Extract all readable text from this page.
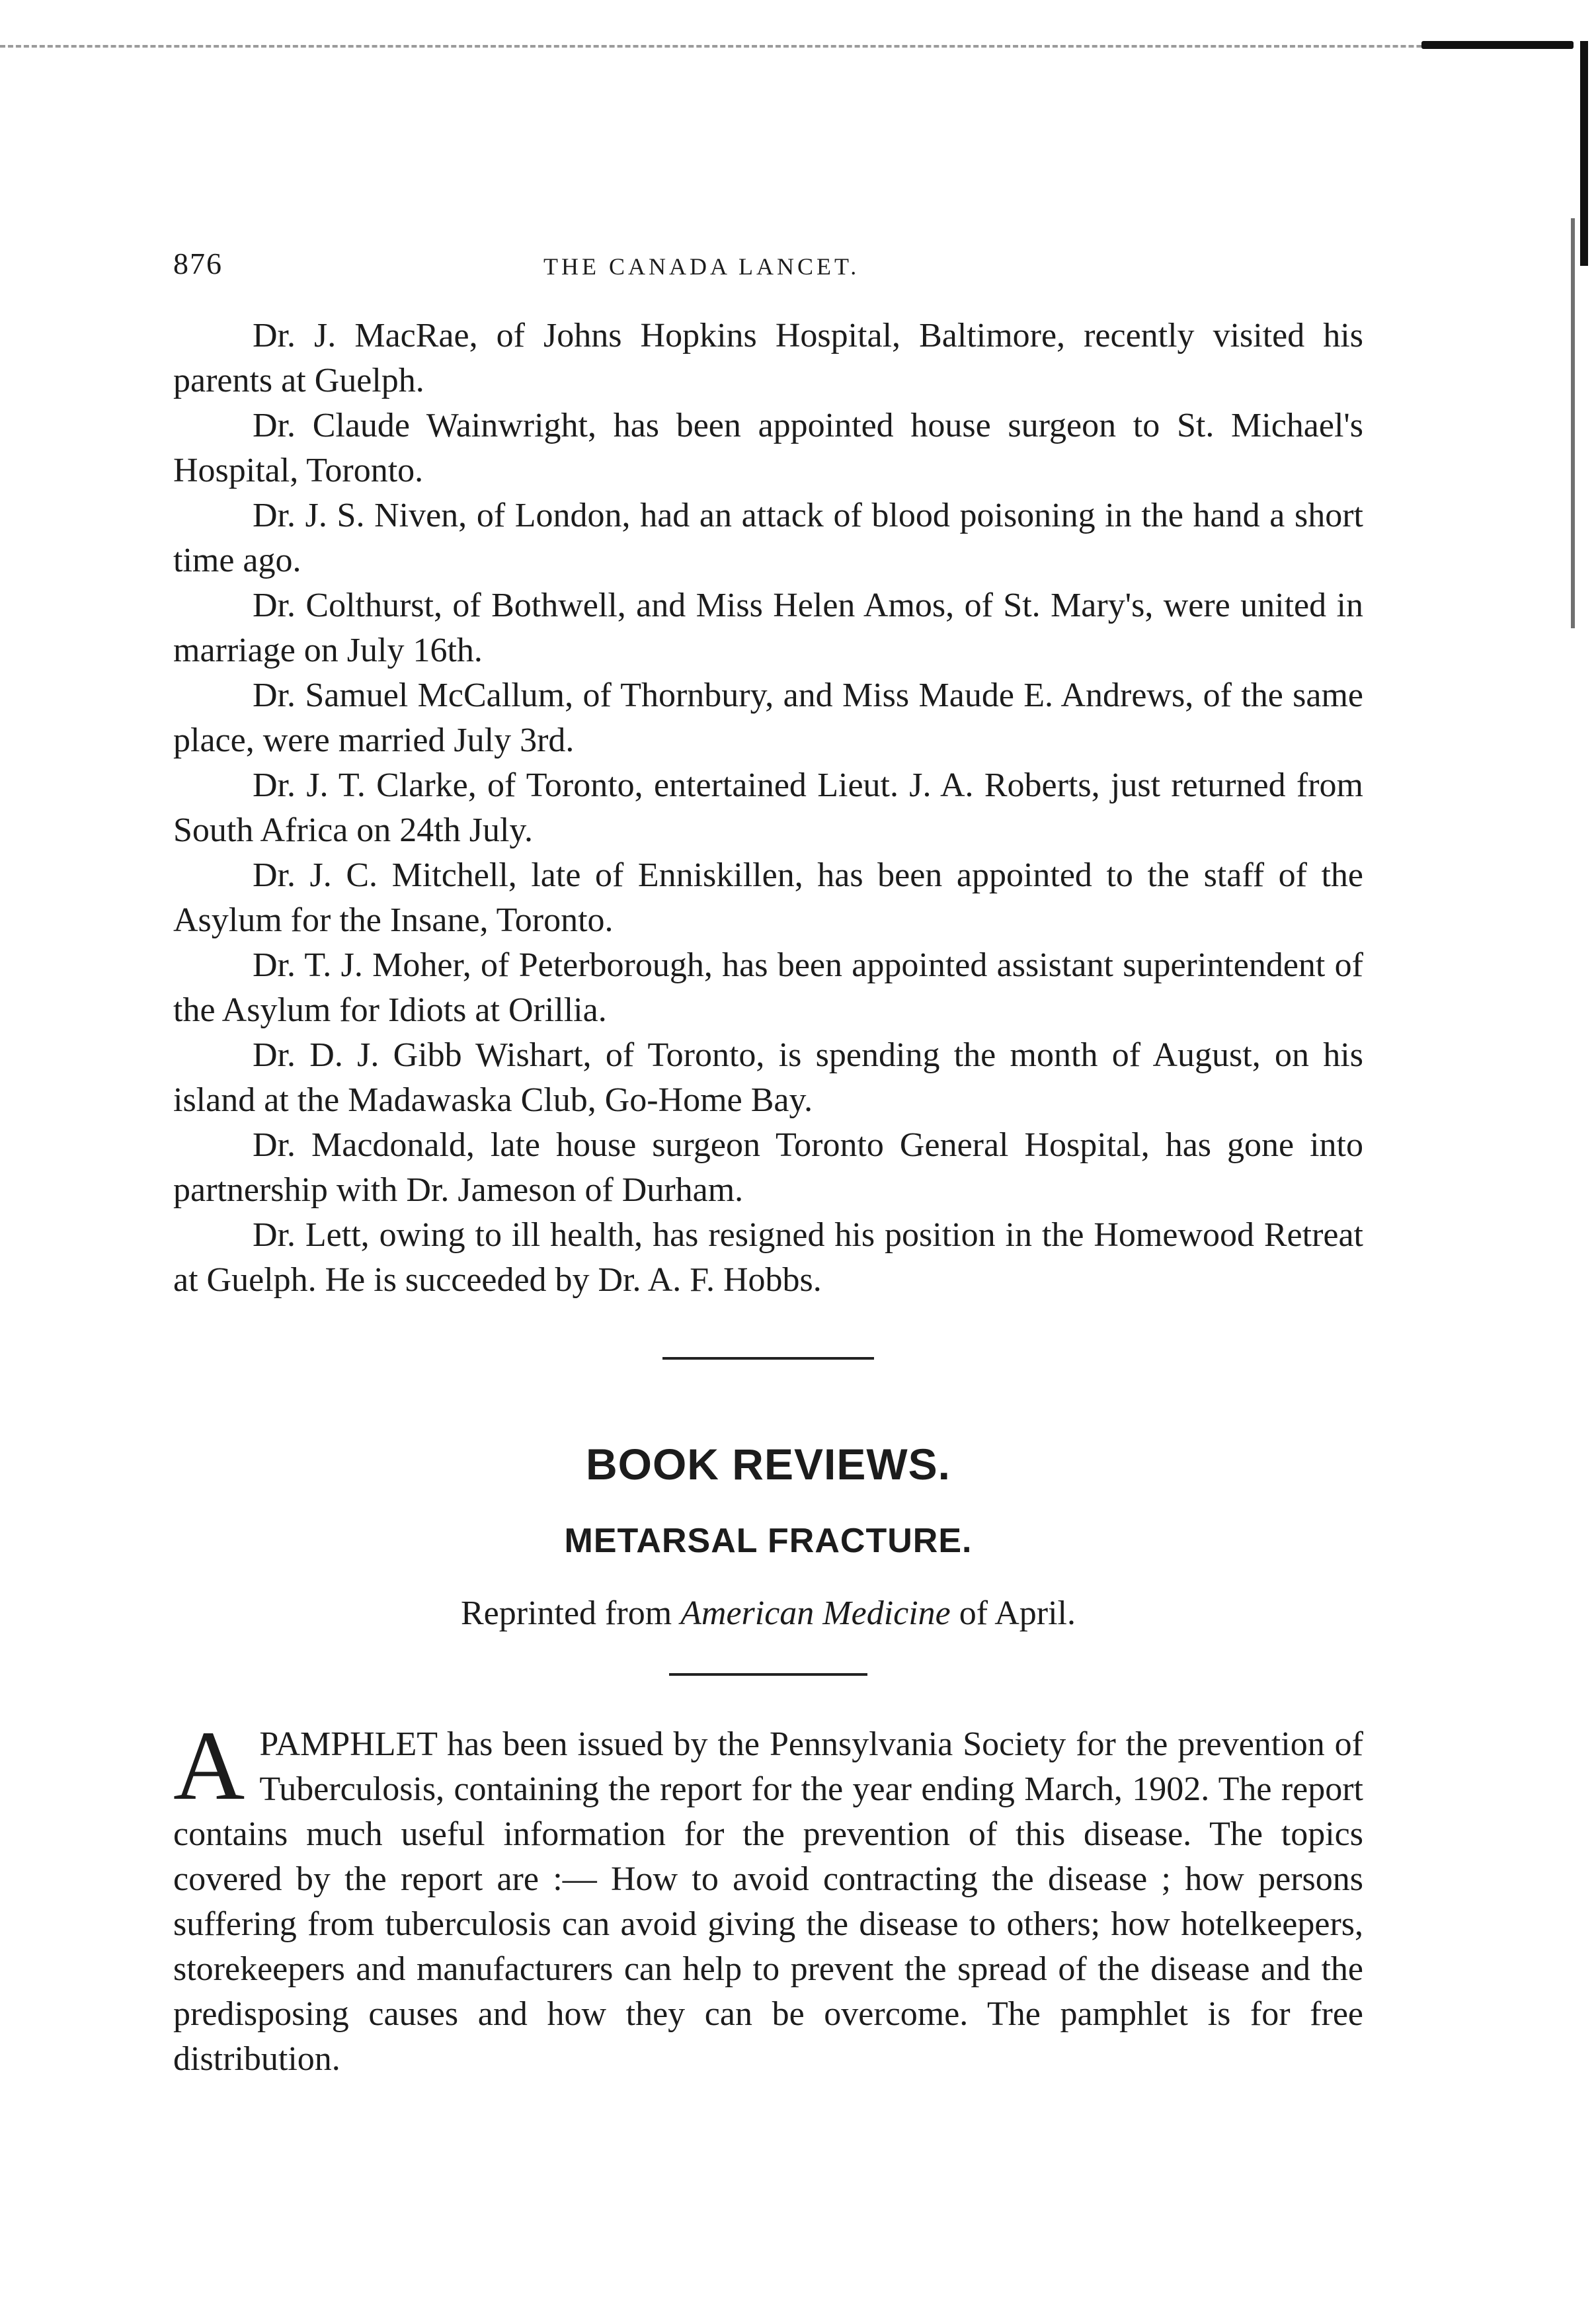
876	THE CANADA LANCET.

Dr. J. MacRae, of Johns Hopkins Hospital, Baltimore, recently visited his parents at Guelph.

Dr. Claude Wainwright, has been appointed house surgeon to St. Michael's Hospital, Toronto.

Dr. J. S. Niven, of London, had an attack of blood poisoning in the hand a short time ago.

Dr. Colthurst, of Bothwell, and Miss Helen Amos, of St. Mary's, were united in marriage on July 16th.

Dr. Samuel McCallum, of Thornbury, and Miss Maude E. Andrews, of the same place, were married July 3rd.

Dr. J. T. Clarke, of Toronto, entertained Lieut. J. A. Roberts, just returned from South Africa on 24th July.

Dr. J. C. Mitchell, late of Enniskillen, has been appointed to the staff of the Asylum for the Insane, Toronto.

Dr. T. J. Moher, of Peterborough, has been appointed assistant superintendent of the Asylum for Idiots at Orillia.

Dr. D. J. Gibb Wishart, of Toronto, is spending the month of August, on his island at the Madawaska Club, Go-Home Bay.

Dr. Macdonald, late house surgeon Toronto General Hospital, has gone into partnership with Dr. Jameson of Durham.

Dr. Lett, owing to ill health, has resigned his position in the Homewood Retreat at Guelph. He is succeeded by Dr. A. F. Hobbs.

BOOK REVIEWS.
METARSAL FRACTURE.

Reprinted from American Medicine of April.

APAMPHLET has been issued by the Pennsylvania Society for the prevention of Tuberculosis, containing the report for the year ending March, 1902. The report contains much useful information for the prevention of this disease. The topics covered by the report are :— How to avoid contracting the disease ; how persons suffering from tuberculosis can avoid giving the disease to others; how hotelkeepers, storekeepers and manufacturers can help to prevent the spread of the disease and the predisposing causes and how they can be overcome. The pamphlet is for free distribution.
